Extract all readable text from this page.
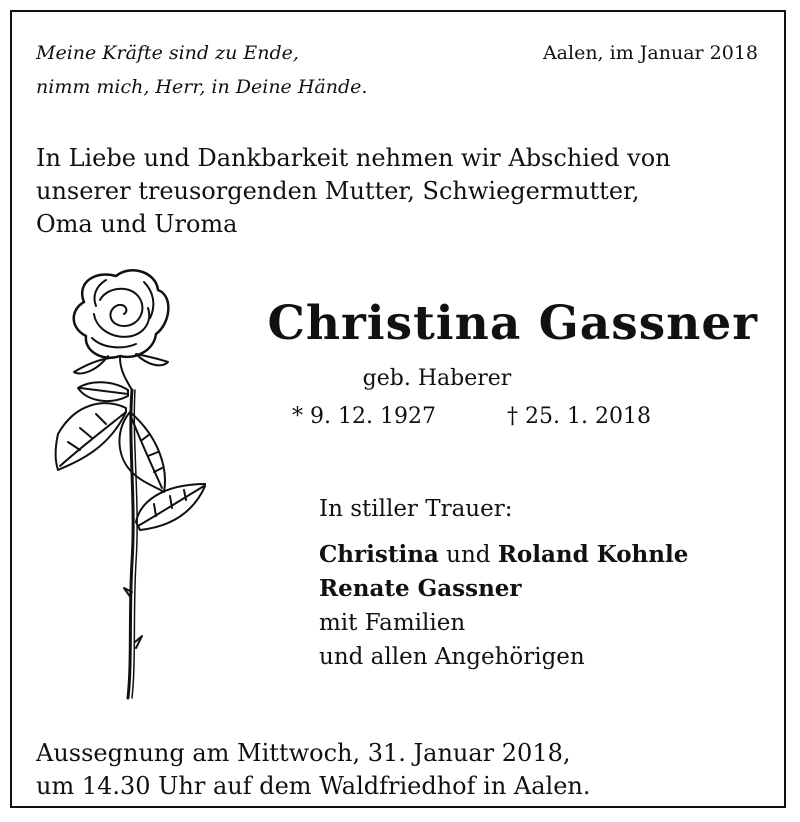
Meine Kräfte sind zu Ende,
nimm mich, Herr, in Deine Hände.
Aalen, im Januar 2018
In Liebe und Dankbarkeit nehmen wir Abschied von
unserer treusorgenden Mutter, Schwiegermutter,
Oma und Uroma
Christina Gassner
geb. Haberer
* 9. 12. 1927	† 25. 1. 2018
In stiller Trauer:
Christina und Roland Kohnle
Renate Gassner
mit Familien
und allen Angehörigen
Aussegnung am Mittwoch, 31. Januar 2018,
um 14.30 Uhr auf dem Waldfriedhof in Aalen.
